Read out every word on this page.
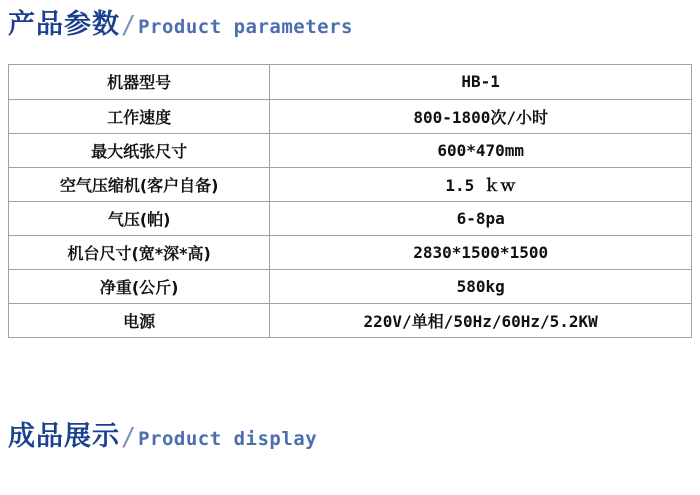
产品参数 / Product parameters
机器型号	HB-1
工作速度	800-1800次/小时
最大纸张尺寸	600*470mm
空气压缩机(客户自备)	1.5 ｋｗ
气压(帕)	6-8pa
机台尺寸(宽*深*高)	2830*1500*1500
净重(公斤)	580kg
电源	220V/单相/50Hz/60Hz/5.2KW
成品展示 / Product display
